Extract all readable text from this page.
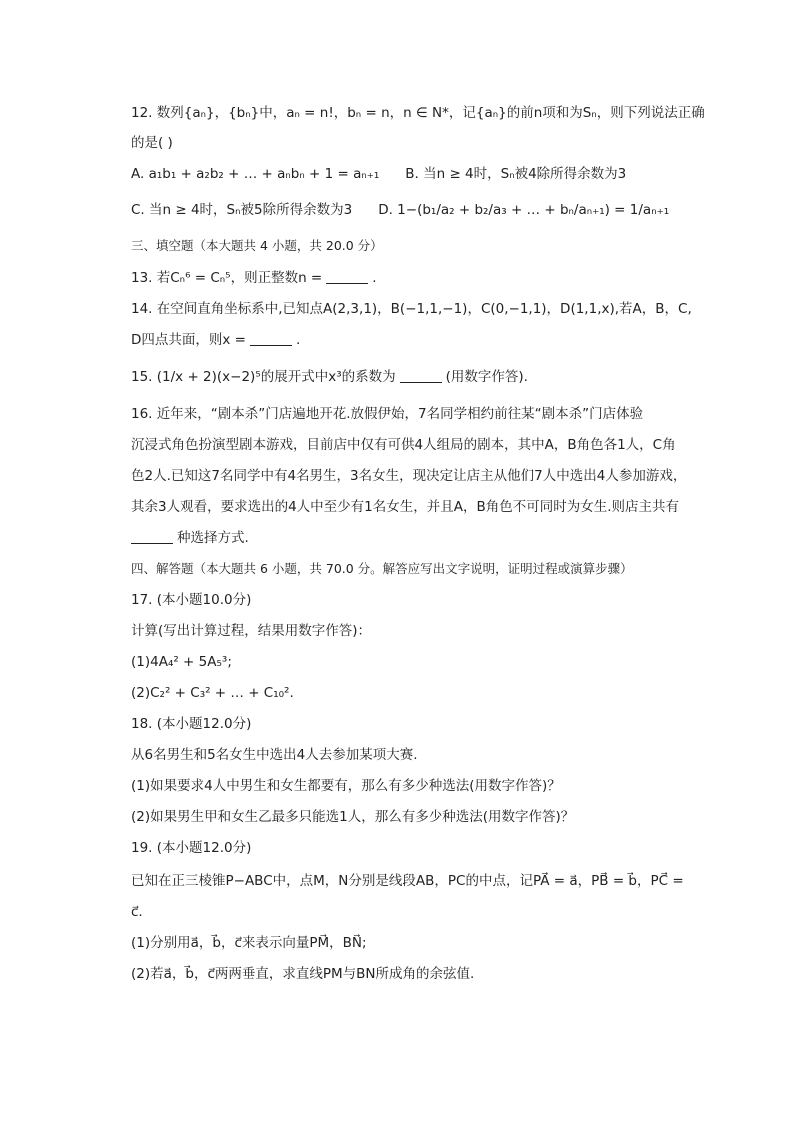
12. 数列{aₙ}，{bₙ}中，aₙ = n!，bₙ = n，n ∈ N*，记{aₙ}的前n项和为Sₙ，则下列说法正确
的是( )
A. a₁b₁ + a₂b₂ + … + aₙbₙ + 1 = aₙ₊₁ B. 当n ≥ 4时，Sₙ被4除所得余数为3
C. 当n ≥ 4时，Sₙ被5除所得余数为3 D. 1−(b₁/a₂ + b₂/a₃ + … + bₙ/aₙ₊₁) = 1/aₙ₊₁
三、填空题（本大题共 4 小题，共 20.0 分）
13. 若Cₙ⁶ = Cₙ⁵，则正整数n =	.
14. 在空间直角坐标系中,已知点A(2,3,1)，B(−1,1,−1)，C(0,−1,1)，D(1,1,x),若A，B，C,
D四点共面，则x =	.
15. (1/x + 2)(x−2)⁵的展开式中x³的系数为	(用数字作答).
16. 近年来，“剧本杀”门店遍地开花.放假伊始，7名同学相约前往某“剧本杀”门店体验
沉浸式角色扮演型剧本游戏，目前店中仅有可供4人组局的剧本，其中A，B角色各1人，C角
色2人.已知这7名同学中有4名男生，3名女生，现决定让店主从他们7人中选出4人参加游戏，
其余3人观看，要求选出的4人中至少有1名女生，并且A，B角色不可同时为女生.则店主共有
种选择方式.
四、解答题（本大题共 6 小题，共 70.0 分。解答应写出文字说明，证明过程或演算步骤）
17. (本小题10.0分)
计算(写出计算过程，结果用数字作答)：
(1)4A₄² + 5A₅³;
(2)C₂² + C₃² + … + C₁₀².
18. (本小题12.0分)
从6名男生和5名女生中选出4人去参加某项大赛.
(1)如果要求4人中男生和女生都要有，那么有多少种选法(用数字作答)？
(2)如果男生甲和女生乙最多只能选1人，那么有多少种选法(用数字作答)？
19. (本小题12.0分)
已知在正三棱锥P−ABC中，点M，N分别是线段AB，PC的中点，记PA⃗ = a⃗，PB⃗ = b⃗，PC⃗ =
c⃗.
(1)分别用a⃗，b⃗，c⃗来表示向量PM⃗，BN⃗;
(2)若a⃗，b⃗，c⃗两两垂直，求直线PM与BN所成角的余弦值.
